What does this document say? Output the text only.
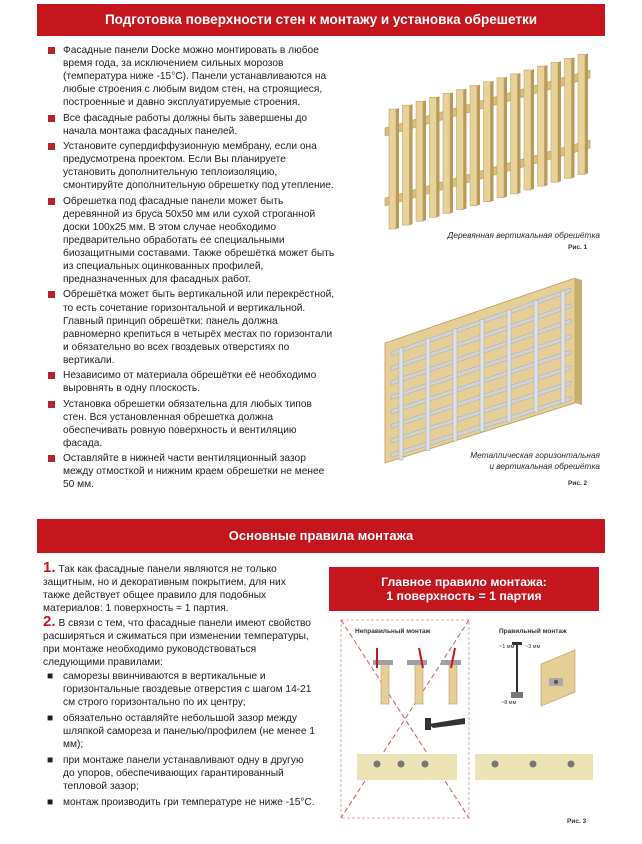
Подготовка поверхности стен к монтажу и установка обрешетки
Фасадные панели Docke можно монтировать в любое время года, за исключением сильных морозов (температура ниже -15°C). Панели устанавливаются на любые строения с любым видом стен, на строящиеся, построенные и давно эксплуатируемые строения.
Все фасадные работы должны быть завершены до начала монтажа фасадных панелей.
Установите супердиффузионную мембрану, если она предусмотрена проектом. Если Вы планируете установить дополнительную теплоизоляцию, смонтируйте дополнительную обрешетку под утепление.
Обрешетка под фасадные панели может быть деревянной из бруса 50х50 мм или сухой строганной доски 100х25 мм. В этом случае необходимо предварительно обработать ее специальными биозащитными составами. Также обрешётка может быть из специальных оцинкованных профилей, предназначенных для фасадных работ.
Обрешётка может быть вертикальной или перекрёстной, то есть сочетание горизонтальной и вертикальной. Главный принцип обрешётки: панель должна равномерно крепиться в четырёх местах по горизонтали и обязательно во всех гвоздевых отверстиях по вертикали.
Независимо от материала обрешётки её необходимо выровнять в одну плоскость.
Установка обрешетки обязательна для любых типов стен. Вся установленная обрешетка должна обеспечивать ровную поверхность и вентиляцию фасада.
Оставляйте в нижней части вентиляционный зазор между отмосткой и нижним краем обрешетки не менее 50 мм.
Деревянная вертикальная обрешётка
Рис. 1
Металлическая горизонтальная
и вертикальная обрешётка
Рис. 2
Основные правила монтажа

1. Так как фасадные панели являются не только защитным, но и декоративным покрытием, для них также действует общее правило для подобных материалов: 1 поверхность = 1 партия.

2. В связи с тем, что фасадные панели имеют свойство расширяться и сжиматься при изменении температуры, при монтаже необходимо руководствоваться следующими правилами:

■ саморезы ввинчиваются в вертикальные и горизонтальные гвоздевые отверстия с шагом 14-21 см строго горизонтально по их центру;
■ обязательно оставляйте небольшой зазор между шляпкой самореза и панелью/профилем (не менее 1 мм);
■ при монтаже панели устанавливают одну в другую до упоров, обеспечивающих гарантированный тепловой зазор;
■ монтаж производить гри температуре не ниже -15°С.
Главное правило монтажа:
1 поверхность = 1 партия
Неправильный монтаж	Правильный монтаж
~1 мм ~3 мм
~8 мм
Рис. 3
